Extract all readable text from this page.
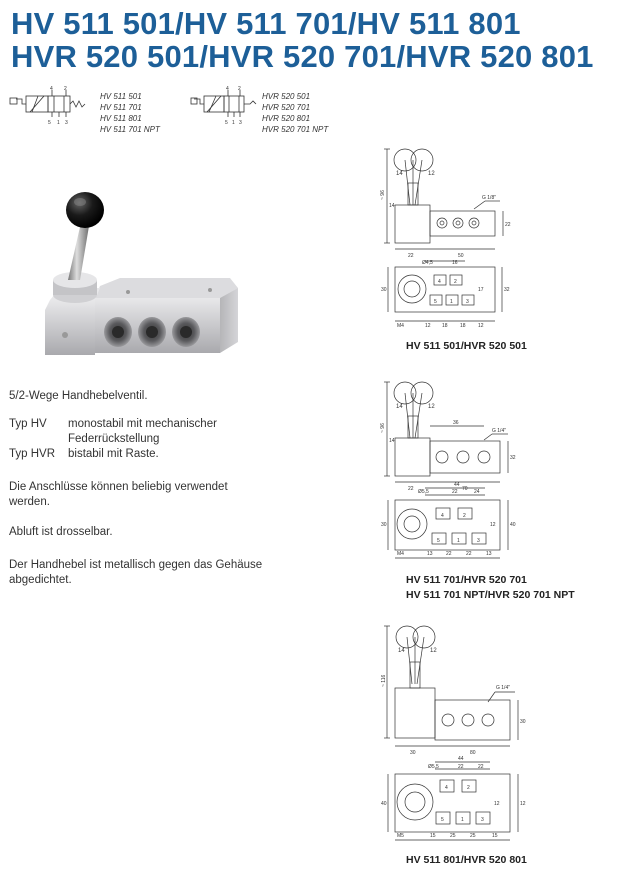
HV 511 501/HV 511 701/HV 511 801
HVR 520 501/HVR 520 701/HVR 520 801
4 2
5 1 3
HV 511 501
HV 511 701
HV 511 801
HV 511 701 NPT
4 2
5 1 3
HVR 520 501
HVR 520 701
HVR 520 801
HVR 520 701 NPT
5/2-Wege Handhebelventil.
Typ HV monostabil mit mechanischer
Federrückstellung
Typ HVR bistabil mit Raste.
Die Anschlüsse können beliebig verwendet
werden.
Abluft ist drosselbar.
Der Handhebel ist metallisch gegen das Gehäuse
abgedichtet.
14	12
~ 96
14
G 1/8"
22	50
22
Ø4,5	16
M4	12 18 18 12
30	17	32
4	2
5	1	3
HV 511 501/HVR 520 501
14	12
~ 96
14
G 1/4"
22	70
32
36
44
Ø5,5	22	24
M4	13	22	22	13
30	12	40
4	2
5	1	3
HV 511 701/HVR 520 701
HV 511 701 NPT/HVR 520 701 NPT
14	12
~ 116
G 1/4"
30	80
30
44
Ø5,5	22	22
M5	15	25	25	15
40	12	12
4	2
5	1	3
HV 511 801/HVR 520 801
